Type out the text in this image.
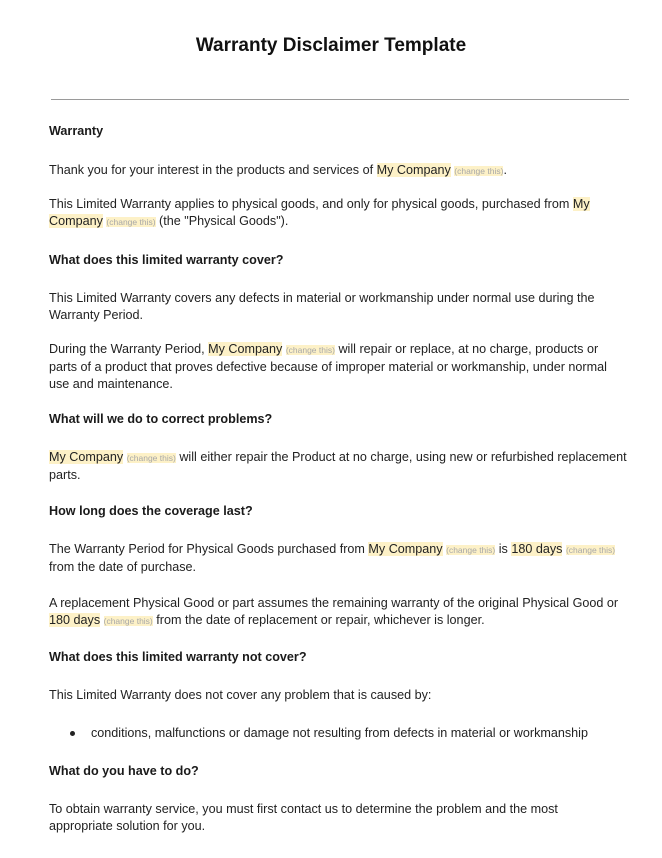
Warranty Disclaimer Template
Warranty
Thank you for your interest in the products and services of My Company (change this).
This Limited Warranty applies to physical goods, and only for physical goods, purchased from My Company (change this) (the "Physical Goods").
What does this limited warranty cover?
This Limited Warranty covers any defects in material or workmanship under normal use during the Warranty Period.
During the Warranty Period, My Company (change this) will repair or replace, at no charge, products or parts of a product that proves defective because of improper material or workmanship, under normal use and maintenance.
What will we do to correct problems?
My Company (change this) will either repair the Product at no charge, using new or refurbished replacement parts.
How long does the coverage last?
The Warranty Period for Physical Goods purchased from My Company (change this) is 180 days (change this) from the date of purchase.
A replacement Physical Good or part assumes the remaining warranty of the original Physical Good or 180 days (change this) from the date of replacement or repair, whichever is longer.
What does this limited warranty not cover?
This Limited Warranty does not cover any problem that is caused by:
conditions, malfunctions or damage not resulting from defects in material or workmanship
What do you have to do?
To obtain warranty service, you must first contact us to determine the problem and the most appropriate solution for you.
